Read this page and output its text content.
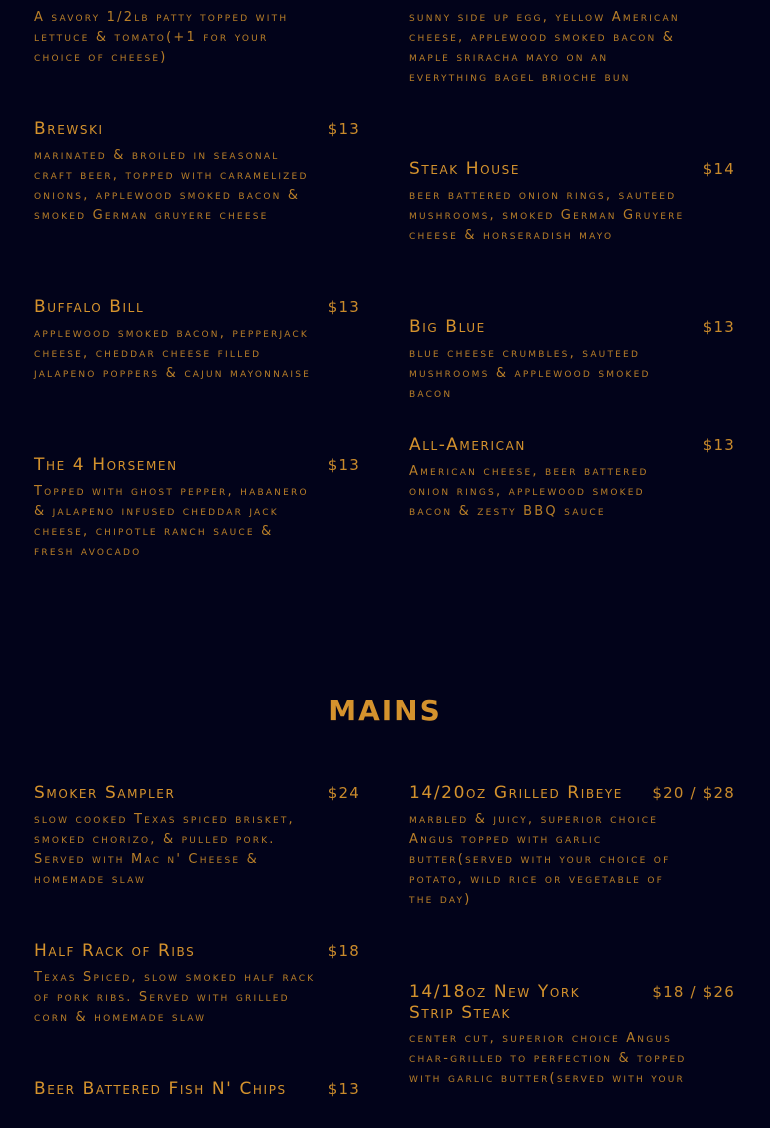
A savory 1/2lb patty topped with lettuce & tomato(+1 for your choice of cheese)
Brewski	$13
marinated & broiled in seasonal craft beer, topped with caramelized onions, applewood smoked bacon & smoked German gruyere cheese
Buffalo Bill	$13
applewood smoked bacon, pepperjack cheese, cheddar cheese filled jalapeno poppers & cajun mayonnaise
The 4 Horsemen	$13
Topped with ghost pepper, habanero & jalapeno infused cheddar jack cheese, chipotle ranch sauce & fresh avocado
sunny side up egg, yellow American cheese, applewood smoked bacon & maple sriracha mayo on an everything bagel brioche bun
Steak House	$14
beer battered onion rings, sauteed mushrooms, smoked German Gruyere cheese & horseradish mayo
Big Blue	$13
blue cheese crumbles, sauteed mushrooms & applewood smoked bacon
All-American	$13
American cheese, beer battered onion rings, applewood smoked bacon & zesty BBQ sauce
MAINS
Smoker Sampler	$24
slow cooked Texas spiced brisket, smoked chorizo, & pulled pork. Served with Mac n' Cheese & homemade slaw
Half Rack of Ribs	$18
Texas Spiced, slow smoked half rack of pork ribs. Served with grilled corn & homemade slaw
Beer Battered Fish N' Chips	$13
14/20oz Grilled Ribeye	$20 / $28
marbled & juicy, superior choice Angus topped with garlic butter(served with your choice of potato, wild rice or vegetable of the day)
14/18oz New York Strip Steak
$18 / $26
center cut, superior choice Angus char-grilled to perfection & topped with garlic butter(served with your
